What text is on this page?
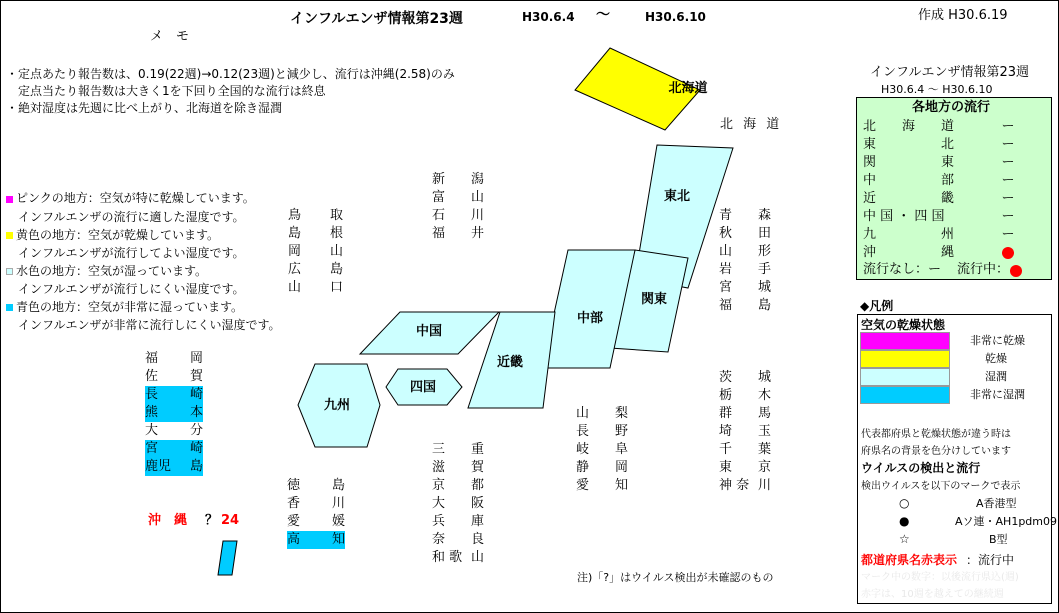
インフルエンザ情報第23週	H30.6.4 ～	H30.6.10	作成 H30.6.19
メ　モ
・定点あたり報告数は、0.19(22週)→0.12(23週)と減少し、流行は沖縄(2.58)のみ
　定点当たり報告数は大きく1を下回り全国的な流行は終息
・絶対湿度は先週に比べ上がり、北海道を除き湿潤
ピンクの地方：空気が特に乾燥しています。
インフルエンザの流行に適した湿度です。
黄色の地方：空気が乾燥しています。
インフルエンザが流行してよい湿度です。
水色の地方：空気が湿っています。
インフルエンザが流行しにくい湿度です。
青色の地方：空気が非常に湿っています。
インフルエンザが非常に流行しにくい湿度です。
北海道
東北
関東
中部
近畿
中国
四国
九州
北 海 道
鳥 取
島 根
岡 山
広 島
山 口
福 岡
佐 賀
長 崎
熊 本
大 分
宮 崎
鹿児 島
徳 島
香 川
愛 媛
高 知
新 潟
富 山
石 川
福 井
三 重
滋 賀
京 都
大 阪
兵 庫
奈 良
和 歌 山
山 梨
長 野
岐 阜
静 岡
愛 知
青 森
秋 田
山 形
岩 手
宮 城
福 島
茨 城
栃 木
群 馬
埼 玉
千 葉
東 京
神 奈 川
沖　縄 ？ 24
注)「?」はウイルス検出が未確認のもの
インフルエンザ情報第23週
H30.6.4 ～ H30.6.10
各地方の流行
北　　海　　道	ー
東　　　　　北	ー
関　　　　　東	ー
中　　　　　部	ー
近　　　　　畿	ー
中 国 ・ 四 国	ー
九　　　　　州	ー
沖　　　　　縄
流行なし：ー 流行中：
◆凡例
空気の乾燥状態
非常に乾燥
乾燥
湿潤
非常に湿潤
代表都府県と乾燥状態が違う時は
府県名の背景を色分けしています
ウイルスの検出と流行
検出ウイルスを以下のマークで表示
○	A香港型
●	Aソ連・AH1pdm09
☆	B型
都道府県名赤表示 ：流行中
マーク中の数字：以後流行県込(週)
赤字は、10週を越えての継続週
